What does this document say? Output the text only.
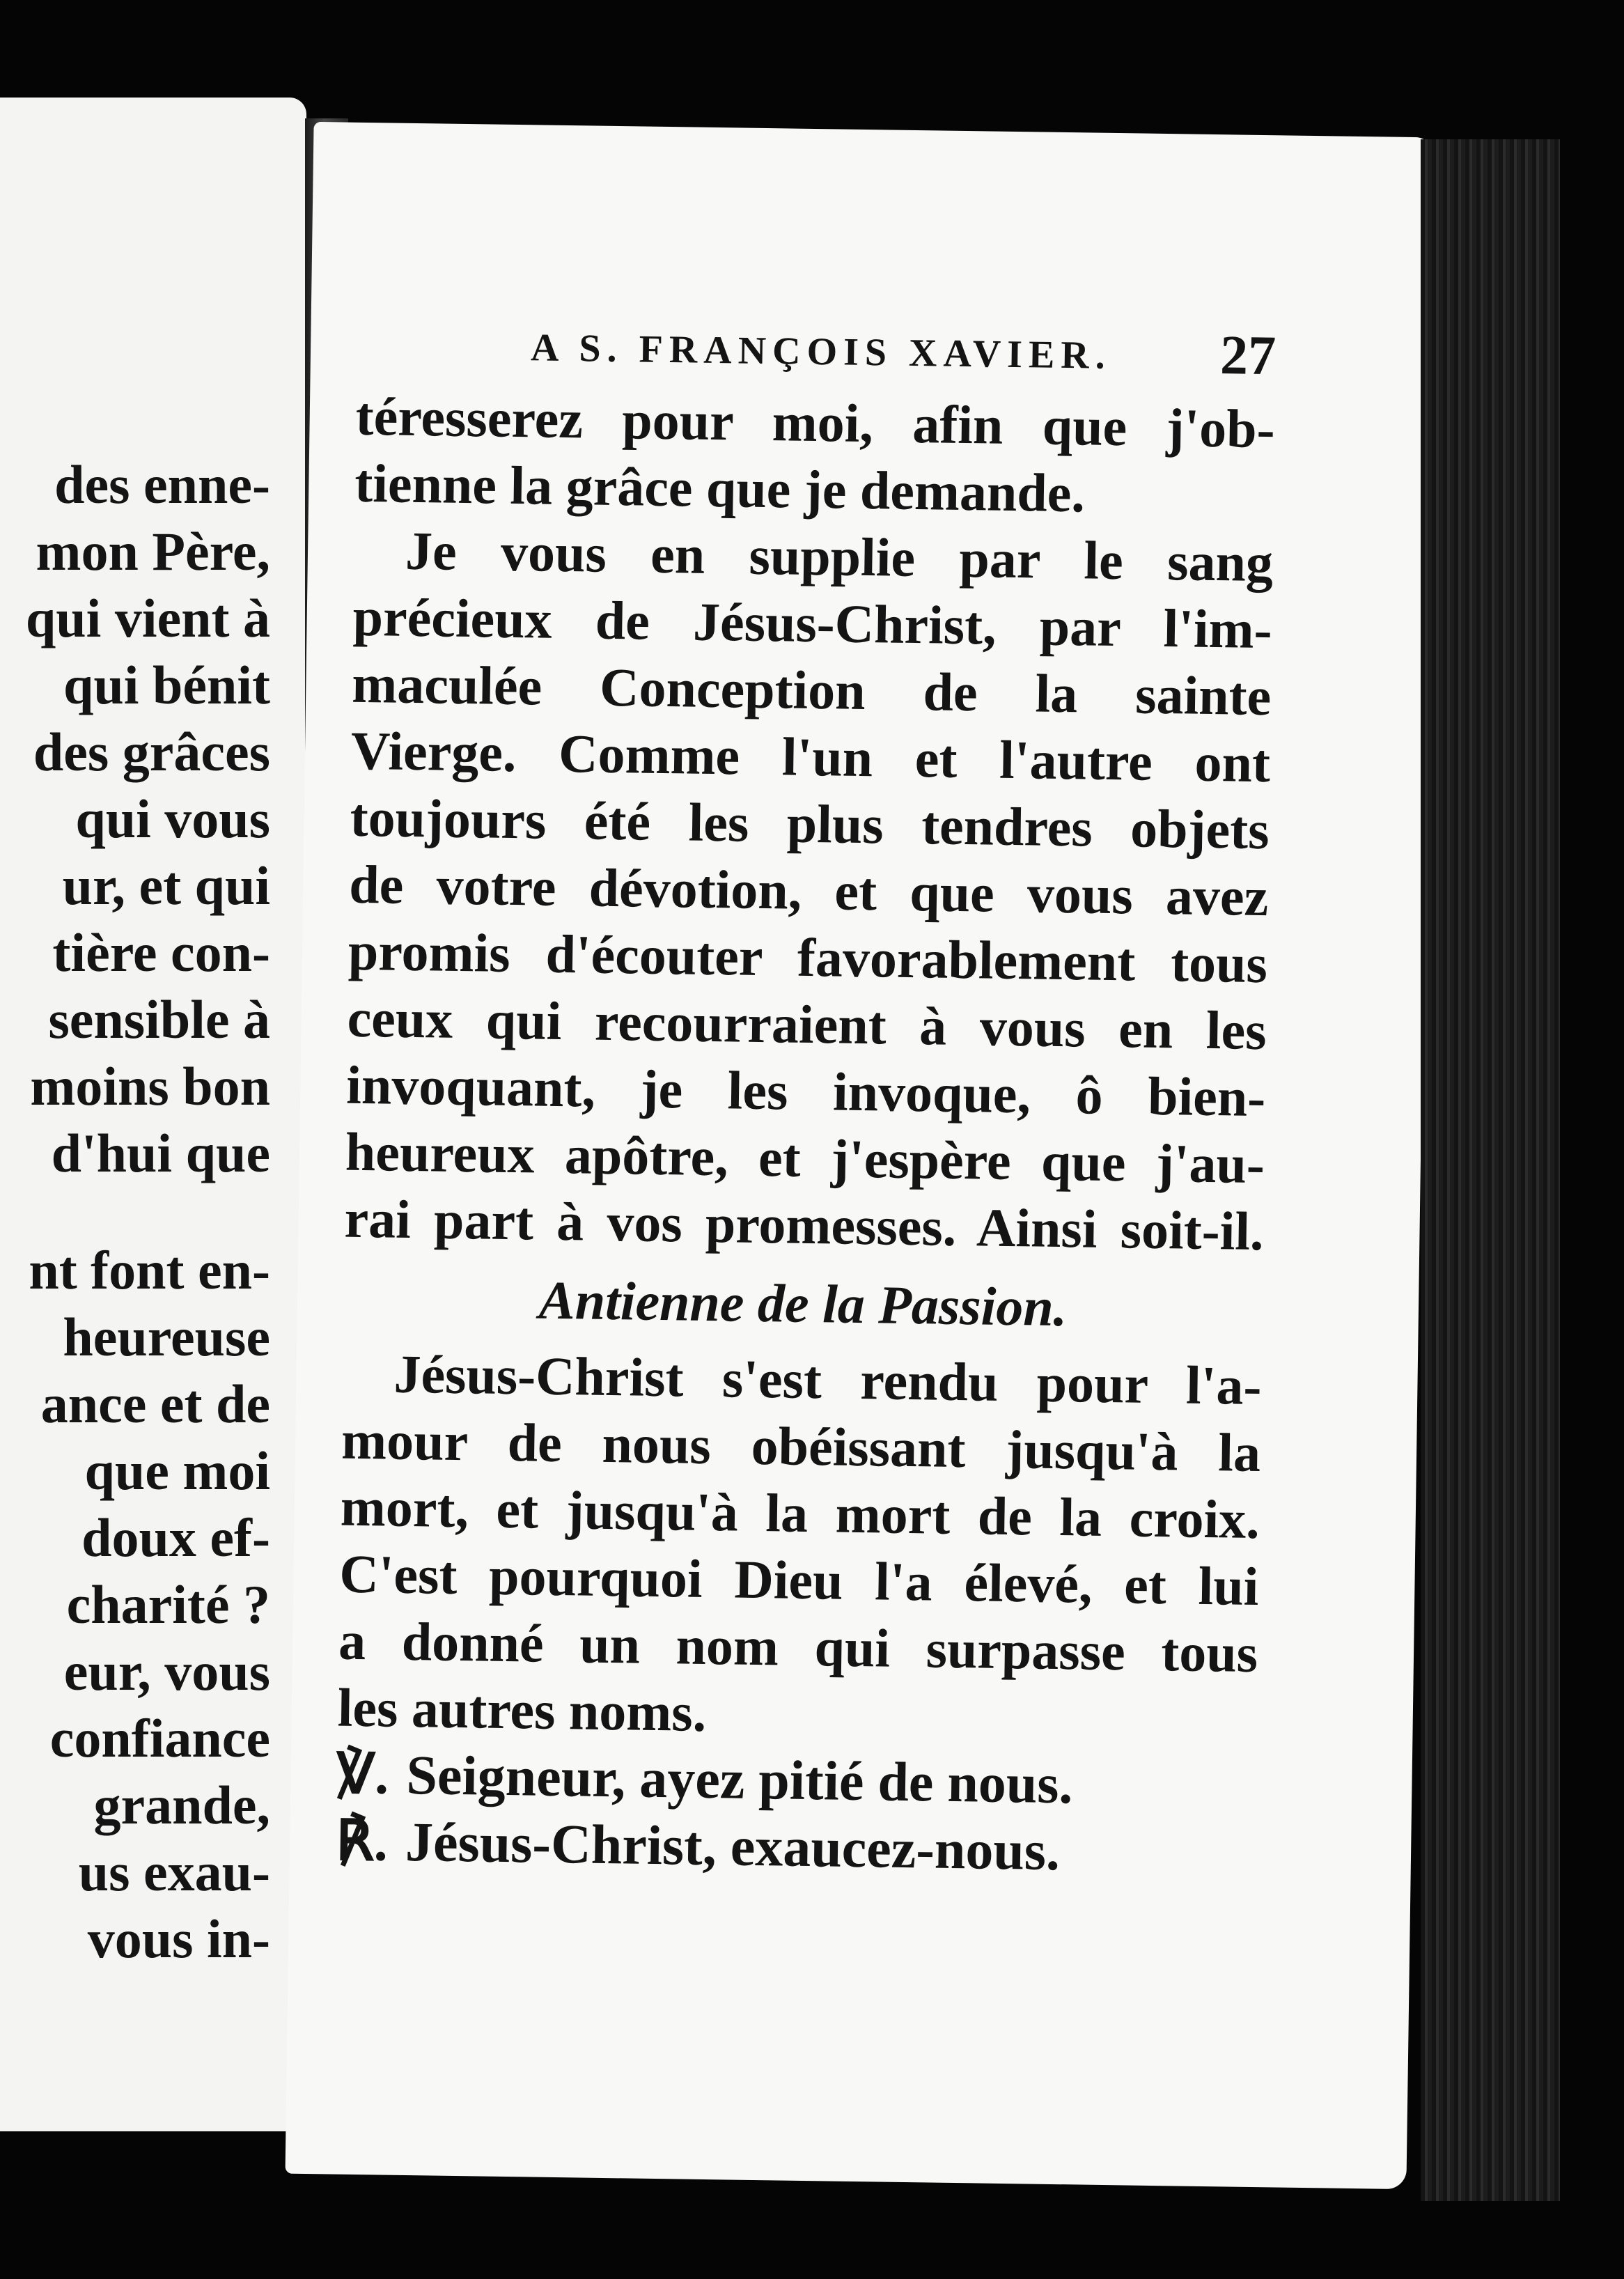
des enne-
mon Père,
qui vient à
qui bénit
des grâces
qui vous
ur, et qui
tière con-
sensible à
moins bon
d'hui que
nt font en-
heureuse
ance et de
que moi
doux ef-
charité ?
eur, vous
confiance
grande,
us exau-
vous in-
A S. FRANÇOIS XAVIER. 27
téresserez pour moi, afin que j'ob-
tienne la grâce que je demande.
Je vous en supplie par le sang
précieux de Jésus-Christ, par l'im-
maculée Conception de la sainte
Vierge. Comme l'un et l'autre ont
toujours été les plus tendres objets
de votre dévotion, et que vous avez
promis d'écouter favorablement tous
ceux qui recourraient à vous en les
invoquant, je les invoque, ô bien-
heureux apôtre, et j'espère que j'au-
rai part à vos promesses. Ainsi soit-il.
Antienne de la Passion.
Jésus-Christ s'est rendu pour l'a-
mour de nous obéissant jusqu'à la
mort, et jusqu'à la mort de la croix.
C'est pourquoi Dieu l'a élevé, et lui
a donné un nom qui surpasse tous
les autres noms.
℣. Seigneur, ayez pitié de nous.
℟. Jésus-Christ, exaucez-nous.
